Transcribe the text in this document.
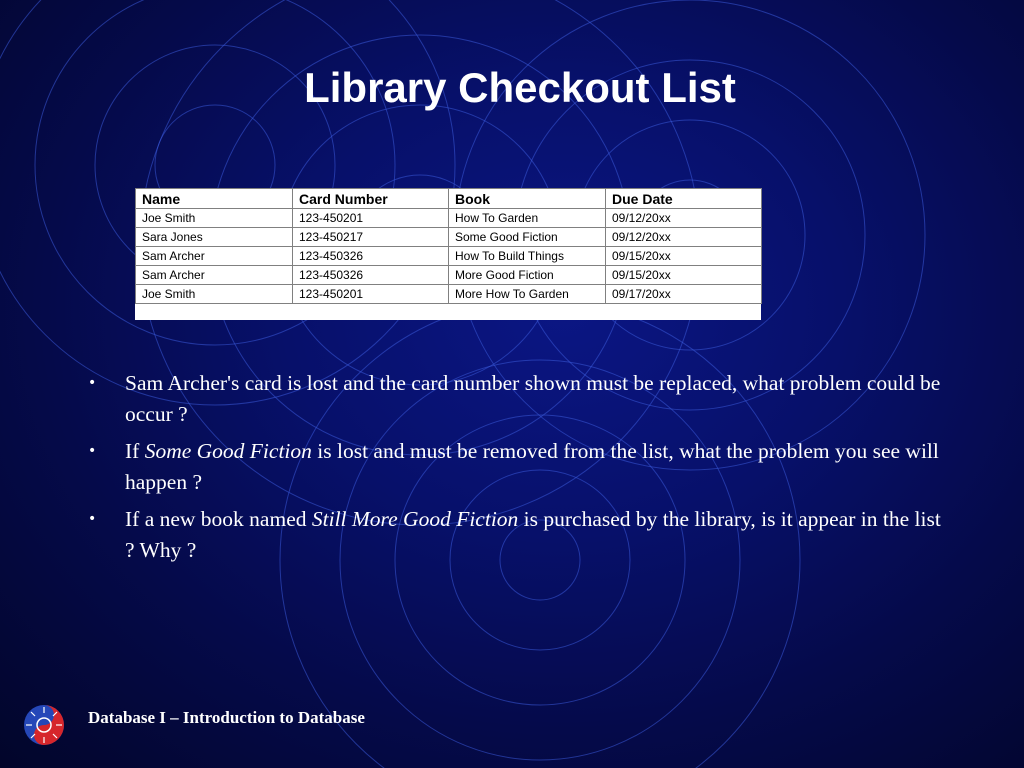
Library Checkout List
Name	Card Number	Book	Due Date
Joe Smith	123-450201	How To Garden	09/12/20xx
Sara Jones	123-450217	Some Good Fiction	09/12/20xx
Sam Archer	123-450326	How To Build Things	09/15/20xx
Sam Archer	123-450326	More Good Fiction	09/15/20xx
Joe Smith	123-450201	More How To Garden	09/17/20xx
• Sam Archer's card is lost and the card number shown must be replaced, what problem could be occur ?
• If Some Good Fiction is lost and must be removed from the list, what the problem you see will happen ?
• If a new book named Still More Good Fiction is purchased by the library, is it appear in the list ? Why ?
Database I – Introduction to Database
